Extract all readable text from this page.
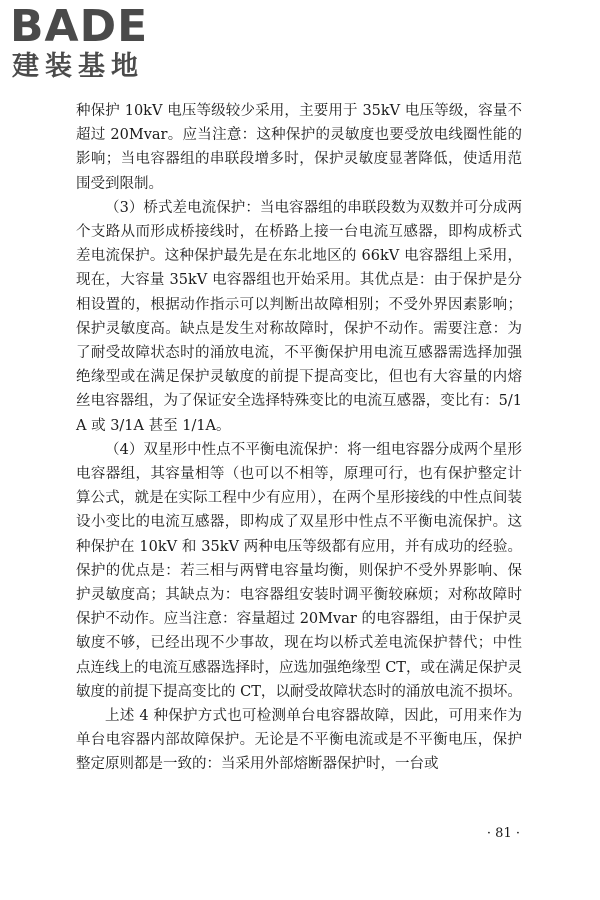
BADE
建装基地

种保护 10kV 电压等级较少采用，主要用于 35kV 电压等级，容量不超过 20Mvar。应当注意：这种保护的灵敏度也要受放电线圈性能的影响；当电容器组的串联段增多时，保护灵敏度显著降低，使适用范围受到限制。

（3）桥式差电流保护：当电容器组的串联段数为双数并可分成两个支路从而形成桥接线时，在桥路上接一台电流互感器，即构成桥式差电流保护。这种保护最先是在东北地区的 66kV 电容器组上采用，现在，大容量 35kV 电容器组也开始采用。其优点是：由于保护是分相设置的，根据动作指示可以判断出故障相别；不受外界因素影响；保护灵敏度高。缺点是发生对称故障时，保护不动作。需要注意：为了耐受故障状态时的涌放电流，不平衡保护用电流互感器需选择加强绝缘型或在满足保护灵敏度的前提下提高变比，但也有大容量的内熔丝电容器组，为了保证安全选择特殊变比的电流互感器，变比有：5/1A 或 3/1A 甚至 1/1A。

（4）双星形中性点不平衡电流保护：将一组电容器分成两个星形电容器组，其容量相等（也可以不相等，原理可行，也有保护整定计算公式，就是在实际工程中少有应用），在两个星形接线的中性点间装设小变比的电流互感器，即构成了双星形中性点不平衡电流保护。这种保护在 10kV 和 35kV 两种电压等级都有应用，并有成功的经验。保护的优点是：若三相与两臂电容量均衡，则保护不受外界影响、保护灵敏度高；其缺点为：电容器组安装时调平衡较麻烦；对称故障时保护不动作。应当注意：容量超过 20Mvar 的电容器组，由于保护灵敏度不够，已经出现不少事故，现在均以桥式差电流保护替代；中性点连线上的电流互感器选择时，应选加强绝缘型 CT，或在满足保护灵敏度的前提下提高变比的 CT，以耐受故障状态时的涌放电流不损坏。

上述 4 种保护方式也可检测单台电容器故障，因此，可用来作为单台电容器内部故障保护。无论是不平衡电流或是不平衡电压，保护整定原则都是一致的：当采用外部熔断器保护时，一台或

· 81 ·
